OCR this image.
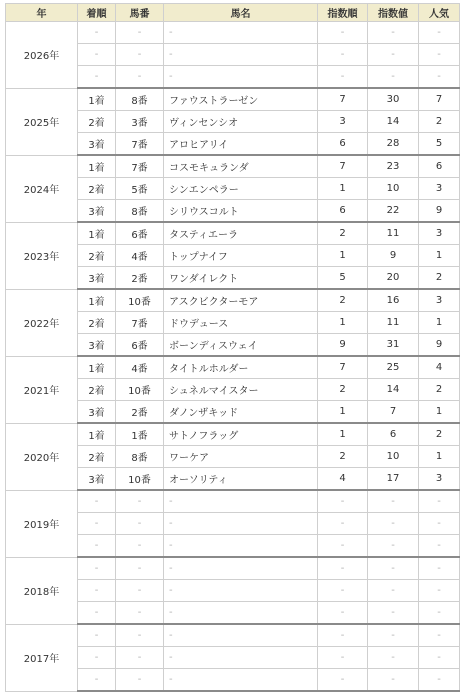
年	着順	馬番	馬名	指数順	指数値	人気
2026年	-	-	-	-	-	-
	-	-	-	-	-	-
	-	-	-	-	-	-
2025年	1着	8番	ファウストラーゼン	7	30	7
	2着	3番	ヴィンセンシオ	3	14	2
	3着	7番	アロヒアリイ	6	28	5
2024年	1着	7番	コスモキュランダ	7	23	6
	2着	5番	シンエンペラー	1	10	3
	3着	8番	シリウスコルト	6	22	9
2023年	1着	6番	タスティエーラ	2	11	3
	2着	4番	トップナイフ	1	9	1
	3着	2番	ワンダイレクト	5	20	2
2022年	1着	10番	アスクビクターモア	2	16	3
	2着	7番	ドウデュース	1	11	1
	3着	6番	ボーンディスウェイ	9	31	9
2021年	1着	4番	タイトルホルダー	7	25	4
	2着	10番	シュネルマイスター	2	14	2
	3着	2番	ダノンザキッド	1	7	1
2020年	1着	1番	サトノフラッグ	1	6	2
	2着	8番	ワーケア	2	10	1
	3着	10番	オーソリティ	4	17	3
2019年	-	-	-	-	-	-
	-	-	-	-	-	-
	-	-	-	-	-	-
2018年	-	-	-	-	-	-
	-	-	-	-	-	-
	-	-	-	-	-	-
2017年	-	-	-	-	-	-
	-	-	-	-	-	-
	-	-	-	-	-	-
